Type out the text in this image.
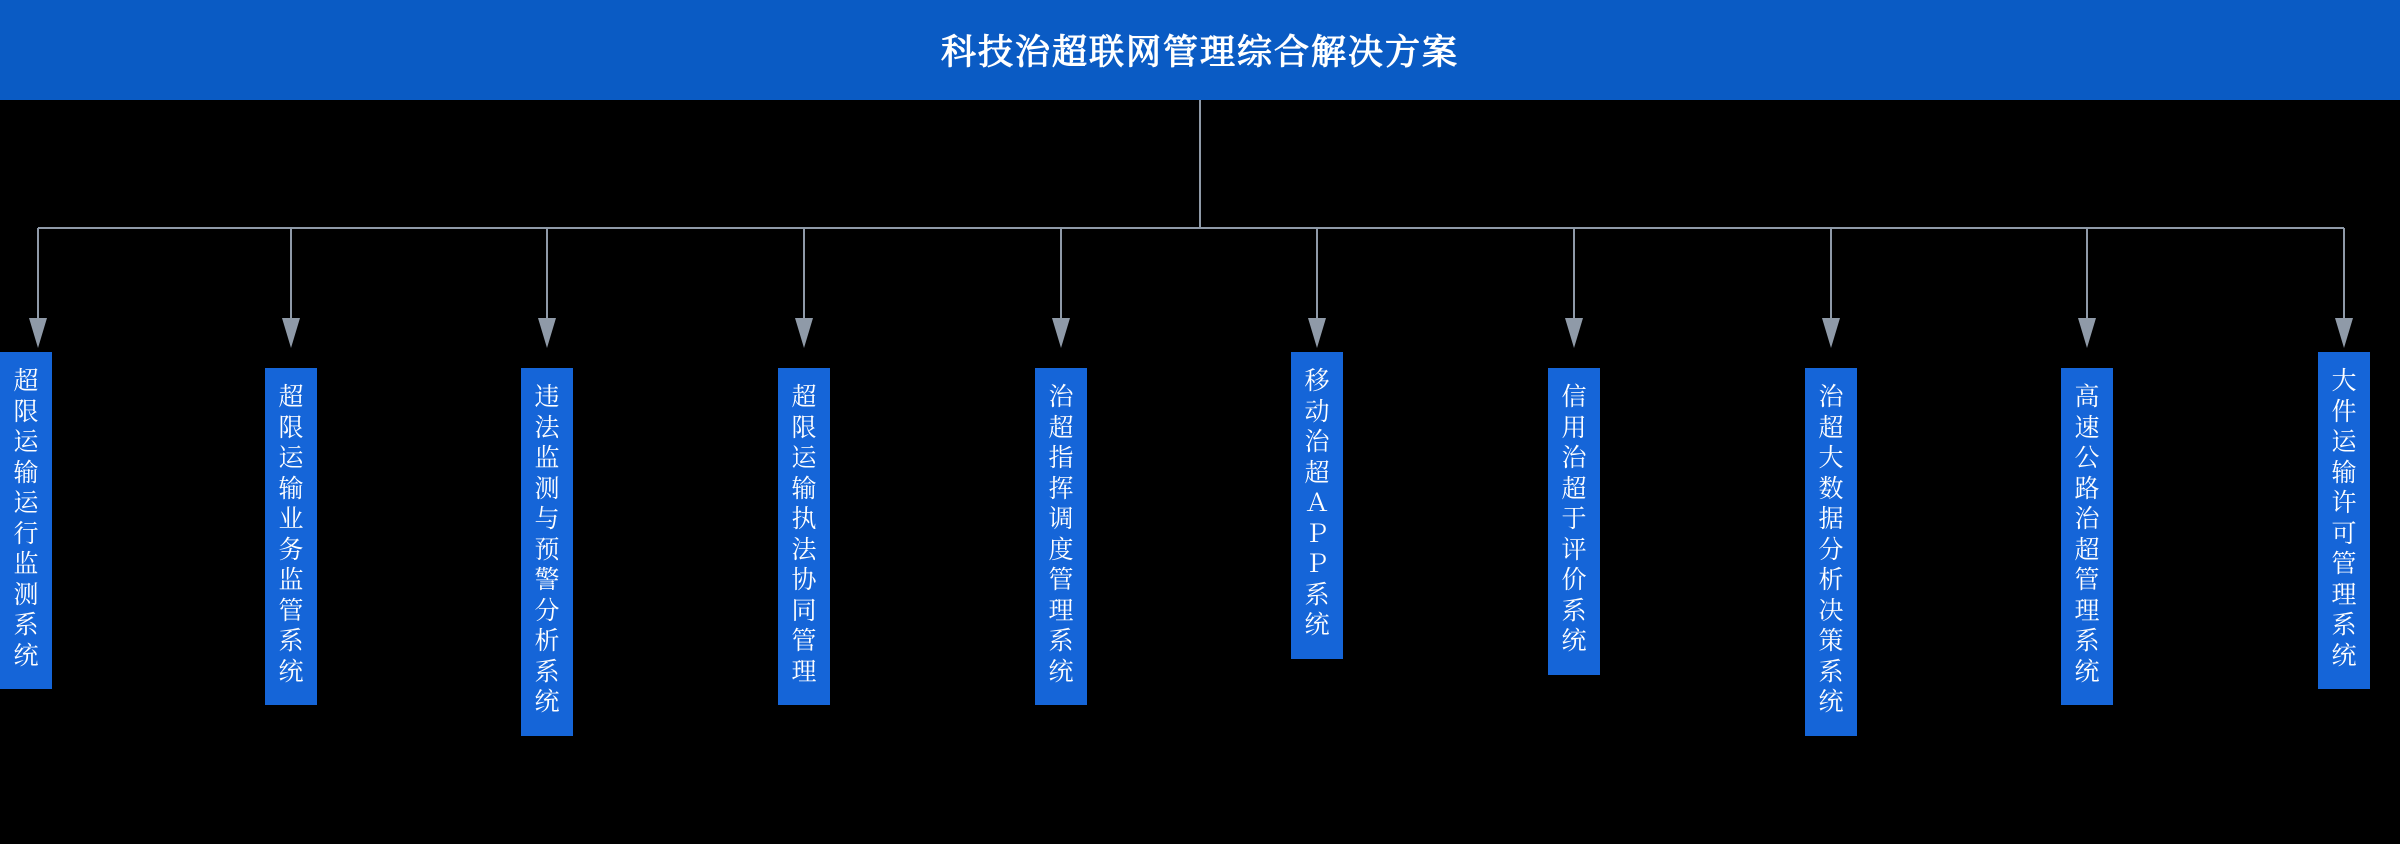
科技治超联网管理综合解决方案
超
限
运
输
运
行
监
测
系
统
超
限
运
输
业
务
监
管
系
统
违
法
监
测
与
预
警
分
析
系
统
超
限
运
输
执
法
协
同
管
理
治
超
指
挥
调
度
管
理
系
统
移
动
治
超
Ａ
Ｐ
Ｐ
系
统
信
用
治
超
于
评
价
系
统
治
超
大
数
据
分
析
决
策
系
统
高
速
公
路
治
超
管
理
系
统
大
件
运
输
许
可
管
理
系
统
